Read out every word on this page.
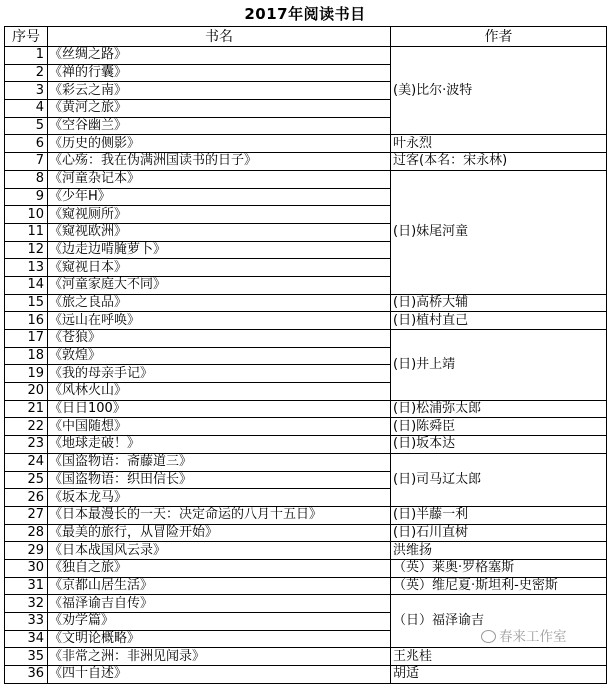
2017年阅读书目
序号	书名	作者
1	《丝绸之路》	(美)比尔·波特
2	《禅的行囊》	
3	《彩云之南》	
4	《黄河之旅》	
5	《空谷幽兰》	
6	《历史的侧影》	叶永烈
7	《心殇：我在伪满洲国读书的日子》	过客(本名：宋永林)
8	《河童杂记本》	(日)妹尾河童
9	《少年H》	
10	《窥视厕所》	
11	《窥视欧洲》	
12	《边走边啃腌萝卜》	
13	《窥视日本》	
14	《河童家庭大不同》	
15	《旅之良品》	(日)高桥大辅
16	《远山在呼唤》	(日)植村直己
17	《苍狼》	(日)井上靖
18	《敦煌》	
19	《我的母亲手记》	
20	《风林火山》	
21	《日日100》	(日)松浦弥太郎
22	《中国随想》	(日)陈舜臣
23	《地球走破！》	(日)坂本达
24	《国盗物语：斋藤道三》	(日)司马辽太郎
25	《国盗物语：织田信长》	
26	《坂本龙马》	
27	《日本最漫长的一天：决定命运的八月十五日》	(日)半藤一利
28	《最美的旅行，从冒险开始》	(日)石川直树
29	《日本战国风云录》	洪维扬
30	《独自之旅》	（英）莱奥·罗格塞斯
31	《京都山居生活》	（英）维尼夏·斯坦利-史密斯
32	《福泽谕吉自传》	（日）福泽谕吉
33	《劝学篇》	
34	《文明论概略》	
35	《非常之洲：非洲见闻录》	王兆桂
36	《四十自述》	胡适
春来工作室
